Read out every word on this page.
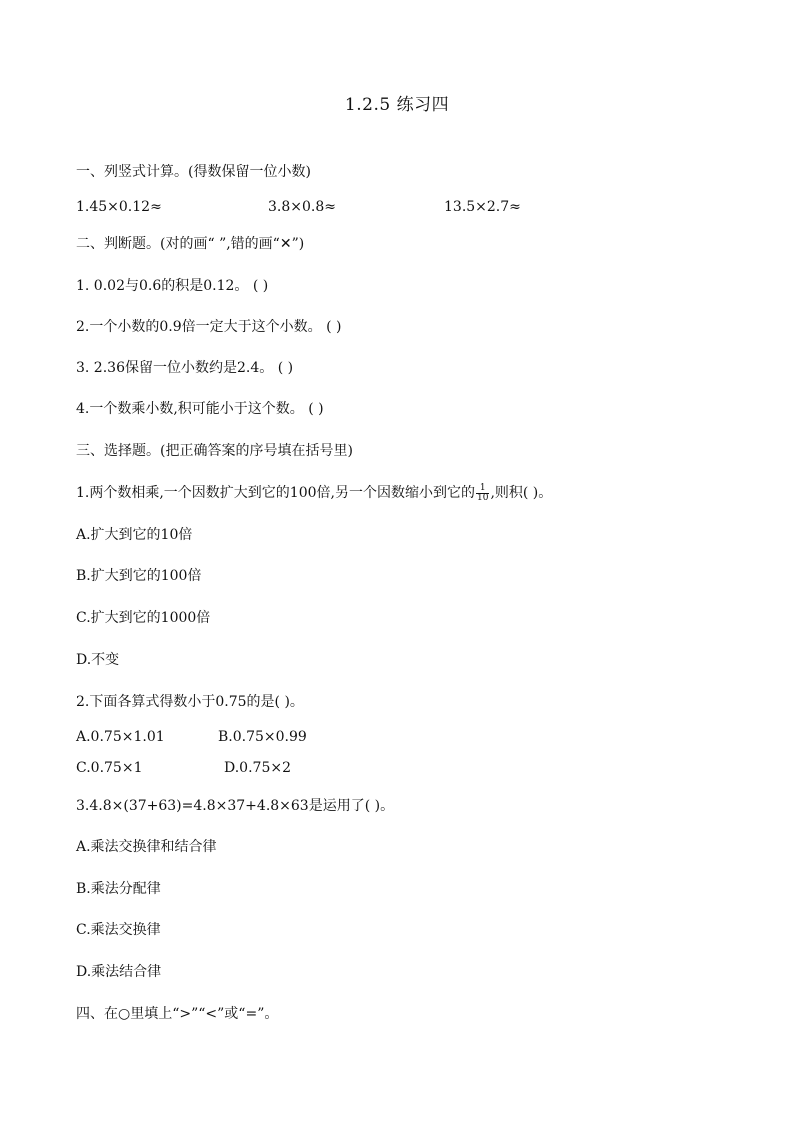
1.2.5 练习四
一、列竖式计算。(得数保留一位小数)
1.45×0.12≈	3.8×0.8≈	13.5×2.7≈
二、判断题。(对的画“ ”,错的画“✕”)
1. 0.02与0.6的积是0.12。 ( )
2.一个小数的0.9倍一定大于这个小数。 ( )
3. 2.36保留一位小数约是2.4。 ( )
4.一个数乘小数,积可能小于这个数。 ( )
三、选择题。(把正确答案的序号填在括号里)
1.两个数相乘,一个因数扩大到它的100倍,另一个因数缩小到它的 $\frac{1}{10}$ ,则积( )。
A.扩大到它的10倍
B.扩大到它的100倍
C.扩大到它的1000倍
D.不变
2.下面各算式得数小于0.75的是( )。
A.0.75×1.01	B.0.75×0.99
C.0.75×1	D.0.75×2
3.4.8×(37+63)=4.8×37+4.8×63是运用了( )。
A.乘法交换律和结合律
B.乘法分配律
C.乘法交换律
D.乘法结合律
四、在○里填上“>”“<”或“=”。
